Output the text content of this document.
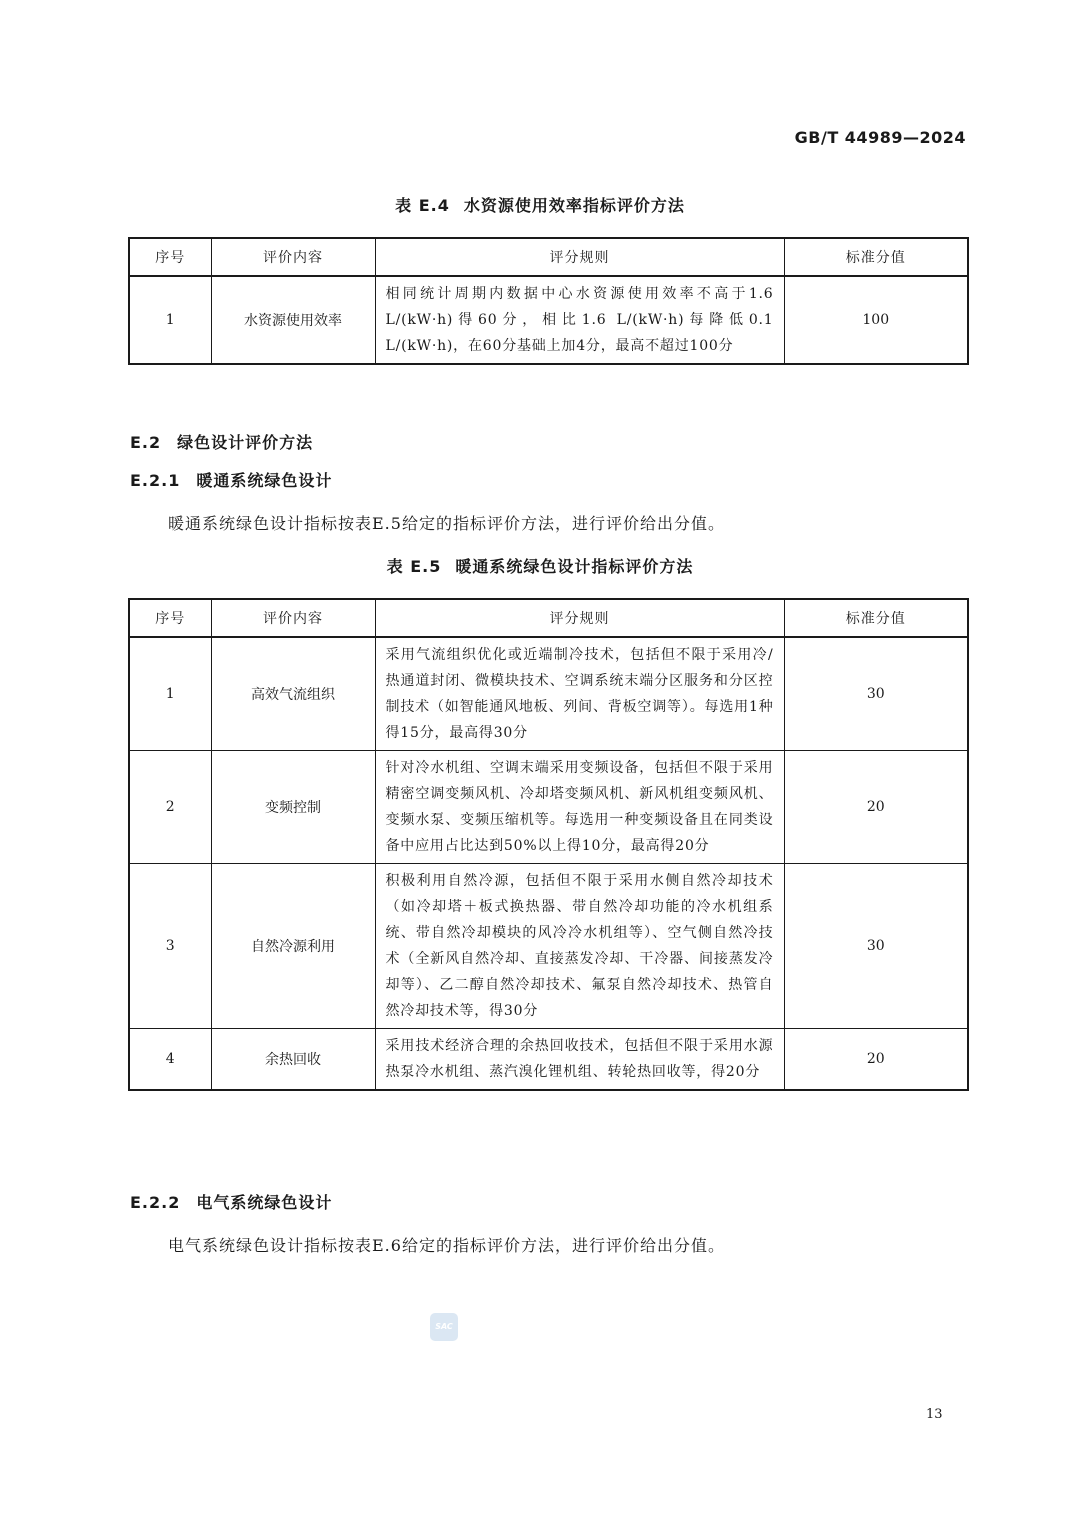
GB/T 44989—2024
表 E.4 水资源使用效率指标评价方法
序号	评价内容	评分规则	标准分值
1	水资源使用效率	相同统计周期内数据中心水资源使用效率不高于1.6 L/(kW·h)得60分，相比1.6 L/(kW·h)每降低0.1 L/(kW·h)，在60分基础上加4分，最高不超过100分	100
E.2 绿色设计评价方法
E.2.1 暖通系统绿色设计
暖通系统绿色设计指标按表E.5给定的指标评价方法，进行评价给出分值。
表 E.5 暖通系统绿色设计指标评价方法
序号	评价内容	评分规则	标准分值
1	高效气流组织	采用气流组织优化或近端制冷技术，包括但不限于采用冷/热通道封闭、微模块技术、空调系统末端分区服务和分区控制技术（如智能通风地板、列间、背板空调等）。每选用1种得15分，最高得30分	30
2	变频控制	针对冷水机组、空调末端采用变频设备，包括但不限于采用精密空调变频风机、冷却塔变频风机、新风机组变频风机、变频水泵、变频压缩机等。每选用一种变频设备且在同类设备中应用占比达到50%以上得10分，最高得20分	20
3	自然冷源利用	积极利用自然冷源，包括但不限于采用水侧自然冷却技术（如冷却塔＋板式换热器、带自然冷却功能的冷水机组系统、带自然冷却模块的风冷冷水机组等）、空气侧自然冷技术（全新风自然冷却、直接蒸发冷却、干冷器、间接蒸发冷却等）、乙二醇自然冷却技术、氟泵自然冷却技术、热管自然冷却技术等，得30分	30
4	余热回收	采用技术经济合理的余热回收技术，包括但不限于采用水源热泵冷水机组、蒸汽溴化锂机组、转轮热回收等，得20分	20
E.2.2 电气系统绿色设计
电气系统绿色设计指标按表E.6给定的指标评价方法，进行评价给出分值。
SAC
13
